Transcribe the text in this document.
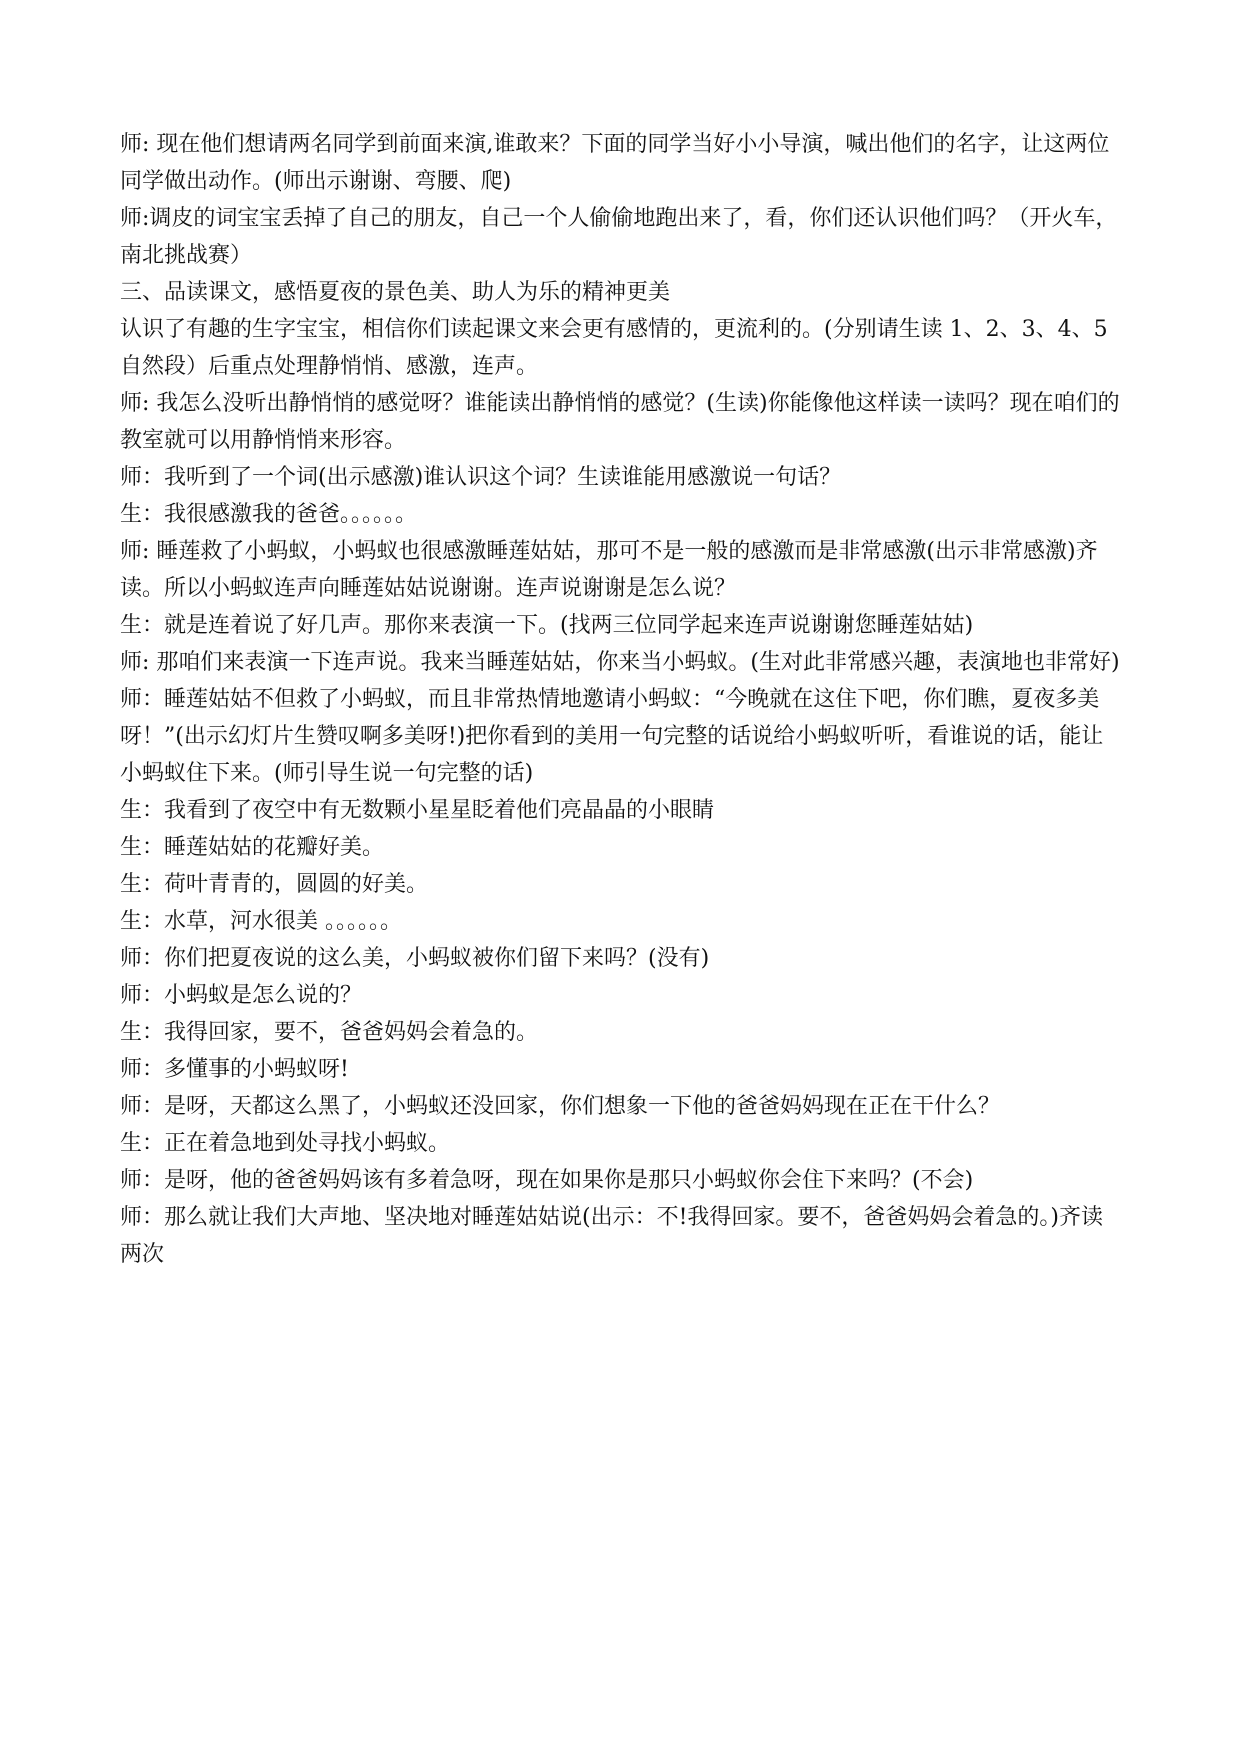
师: 现在他们想请两名同学到前面来演,谁敢来？下面的同学当好小小导演，喊出他们的名字，让这两位同学做出动作。(师出示谢谢、弯腰、爬)

师:调皮的词宝宝丢掉了自己的朋友，自己一个人偷偷地跑出来了，看，你们还认识他们吗？（开火车，南北挑战赛）

三、品读课文，感悟夏夜的景色美、助人为乐的精神更美

认识了有趣的生字宝宝，相信你们读起课文来会更有感情的，更流利的。(分别请生读 1、2、3、4、5 自然段）后重点处理静悄悄、感激，连声。

师: 我怎么没听出静悄悄的感觉呀？谁能读出静悄悄的感觉？(生读)你能像他这样读一读吗？现在咱们的教室就可以用静悄悄来形容。

师：我听到了一个词(出示感激)谁认识这个词？生读谁能用感激说一句话？

生：我很感激我的爸爸。。。。。。

师: 睡莲救了小蚂蚁，小蚂蚁也很感激睡莲姑姑，那可不是一般的感激而是非常感激(出示非常感激)齐读。所以小蚂蚁连声向睡莲姑姑说谢谢。连声说谢谢是怎么说？

生：就是连着说了好几声。那你来表演一下。(找两三位同学起来连声说谢谢您睡莲姑姑)

师: 那咱们来表演一下连声说。我来当睡莲姑姑，你来当小蚂蚁。(生对此非常感兴趣，表演地也非常好)

师：睡莲姑姑不但救了小蚂蚁，而且非常热情地邀请小蚂蚁：“今晚就在这住下吧，你们瞧，夏夜多美呀！”(出示幻灯片生赞叹啊多美呀!)把你看到的美用一句完整的话说给小蚂蚁听听，看谁说的话，能让小蚂蚁住下来。(师引导生说一句完整的话)

生：我看到了夜空中有无数颗小星星眨着他们亮晶晶的小眼睛

生：睡莲姑姑的花瓣好美。

生：荷叶青青的，圆圆的好美。

生：水草，河水很美 。。。。。。

师：你们把夏夜说的这么美，小蚂蚁被你们留下来吗？(没有)

师：小蚂蚁是怎么说的？

生：我得回家，要不，爸爸妈妈会着急的。

师：多懂事的小蚂蚁呀!

师：是呀，天都这么黑了，小蚂蚁还没回家，你们想象一下他的爸爸妈妈现在正在干什么？

生：正在着急地到处寻找小蚂蚁。

师：是呀，他的爸爸妈妈该有多着急呀，现在如果你是那只小蚂蚁你会住下来吗？(不会)

师：那么就让我们大声地、坚决地对睡莲姑姑说(出示：不!我得回家。要不，爸爸妈妈会着急的。)齐读两次
